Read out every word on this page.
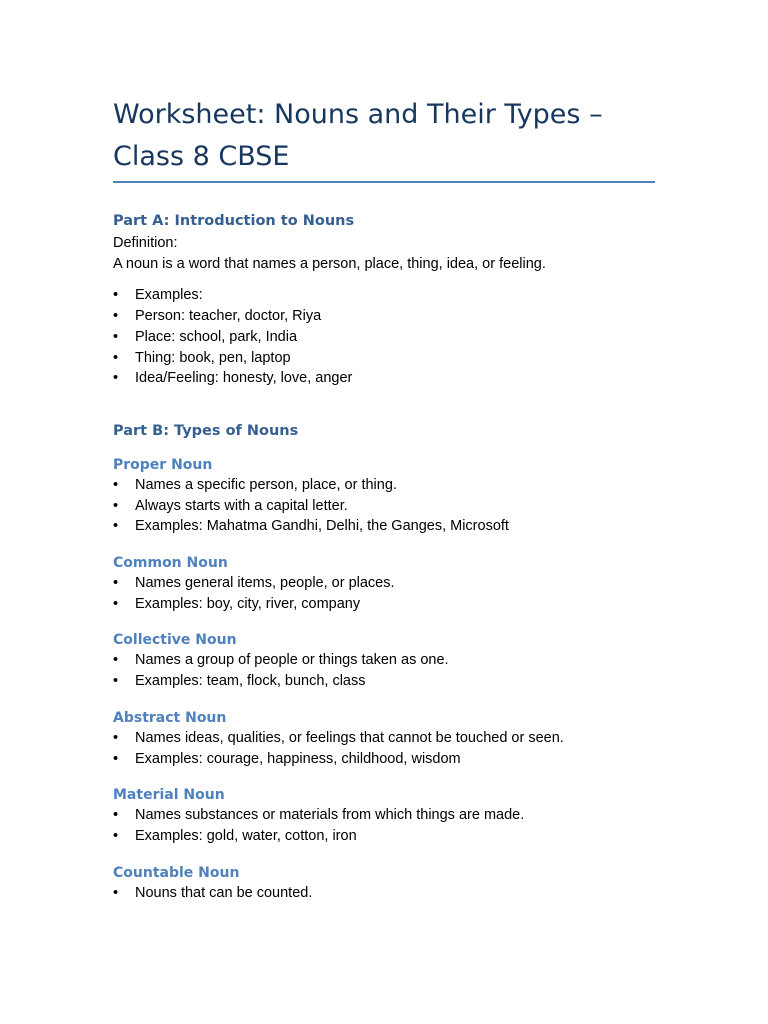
Worksheet: Nouns and Their Types –
Class 8 CBSE
Part A: Introduction to Nouns

Definition:

A noun is a word that names a person, place, thing, idea, or feeling.

• Examples:
• Person: teacher, doctor, Riya
• Place: school, park, India
• Thing: book, pen, laptop
• Idea/Feeling: honesty, love, anger
Part B: Types of Nouns
Proper Noun
• Names a specific person, place, or thing.
• Always starts with a capital letter.
• Examples: Mahatma Gandhi, Delhi, the Ganges, Microsoft
Common Noun
• Names general items, people, or places.
• Examples: boy, city, river, company
Collective Noun
• Names a group of people or things taken as one.
• Examples: team, flock, bunch, class
Abstract Noun
• Names ideas, qualities, or feelings that cannot be touched or seen.
• Examples: courage, happiness, childhood, wisdom
Material Noun
• Names substances or materials from which things are made.
• Examples: gold, water, cotton, iron
Countable Noun
• Nouns that can be counted.
